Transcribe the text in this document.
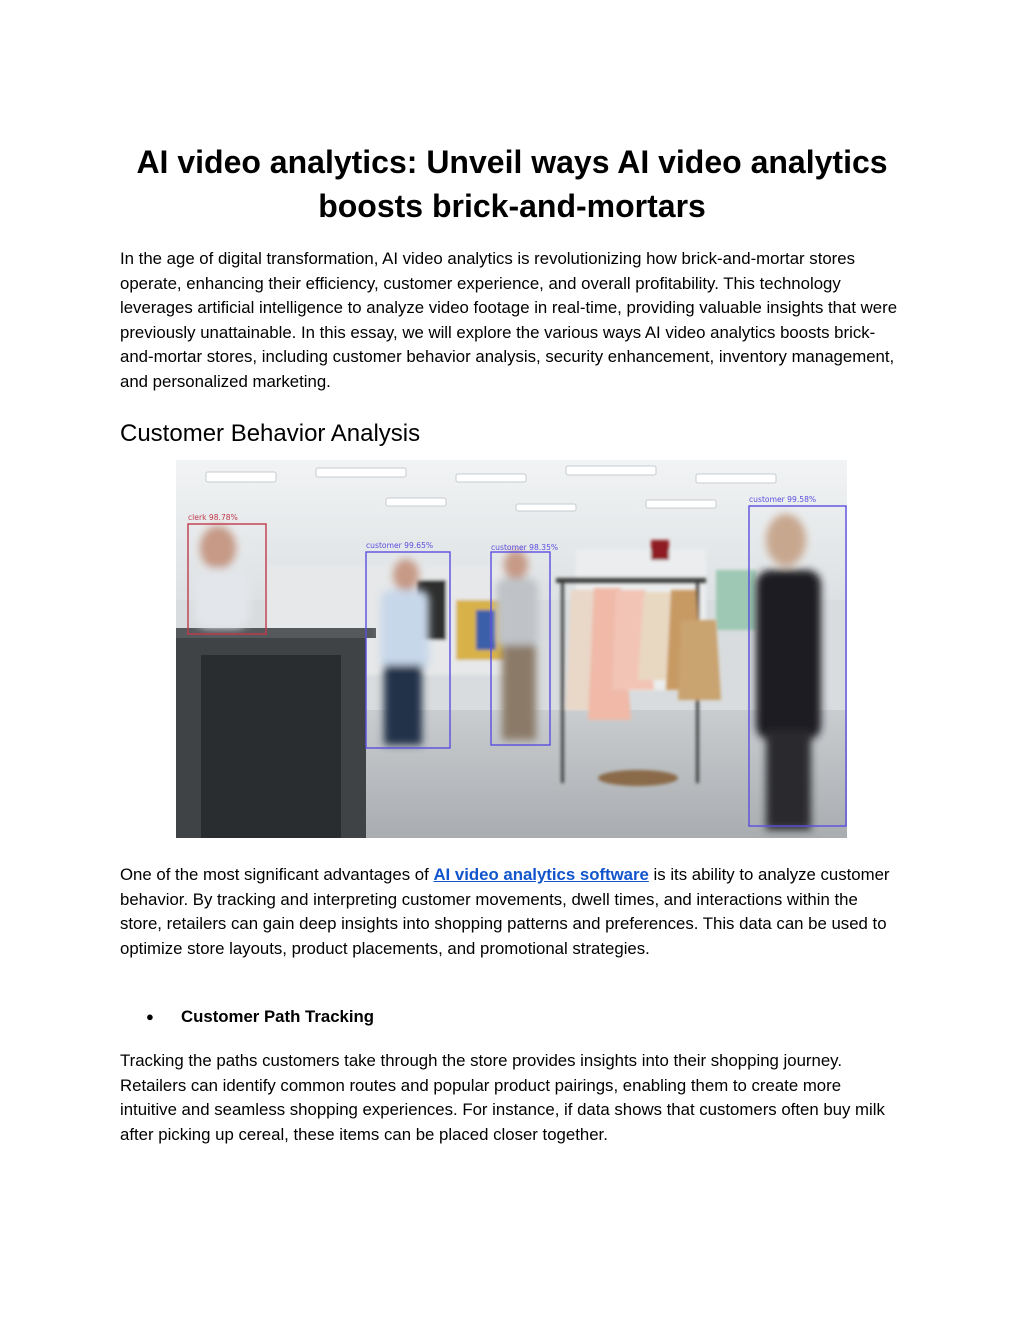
AI video analytics: Unveil ways AI video analytics boosts brick-and-mortars

In the age of digital transformation, AI video analytics is revolutionizing how brick-and-mortar stores operate, enhancing their efficiency, customer experience, and overall profitability. This technology leverages artificial intelligence to analyze video footage in real-time, providing valuable insights that were previously unattainable. In this essay, we will explore the various ways AI video analytics boosts brick-and-mortar stores, including customer behavior analysis, security enhancement, inventory management, and personalized marketing.

Customer Behavior Analysis
clerk 98.78%
customer 99.65%	customer 98.35%
customer 99.58%

One of the most significant advantages of AI video analytics software is its ability to analyze customer behavior. By tracking and interpreting customer movements, dwell times, and interactions within the store, retailers can gain deep insights into shopping patterns and preferences. This data can be used to optimize store layouts, product placements, and promotional strategies.

●	Customer Path Tracking

Tracking the paths customers take through the store provides insights into their shopping journey. Retailers can identify common routes and popular product pairings, enabling them to create more intuitive and seamless shopping experiences. For instance, if data shows that customers often buy milk after picking up cereal, these items can be placed closer together.
